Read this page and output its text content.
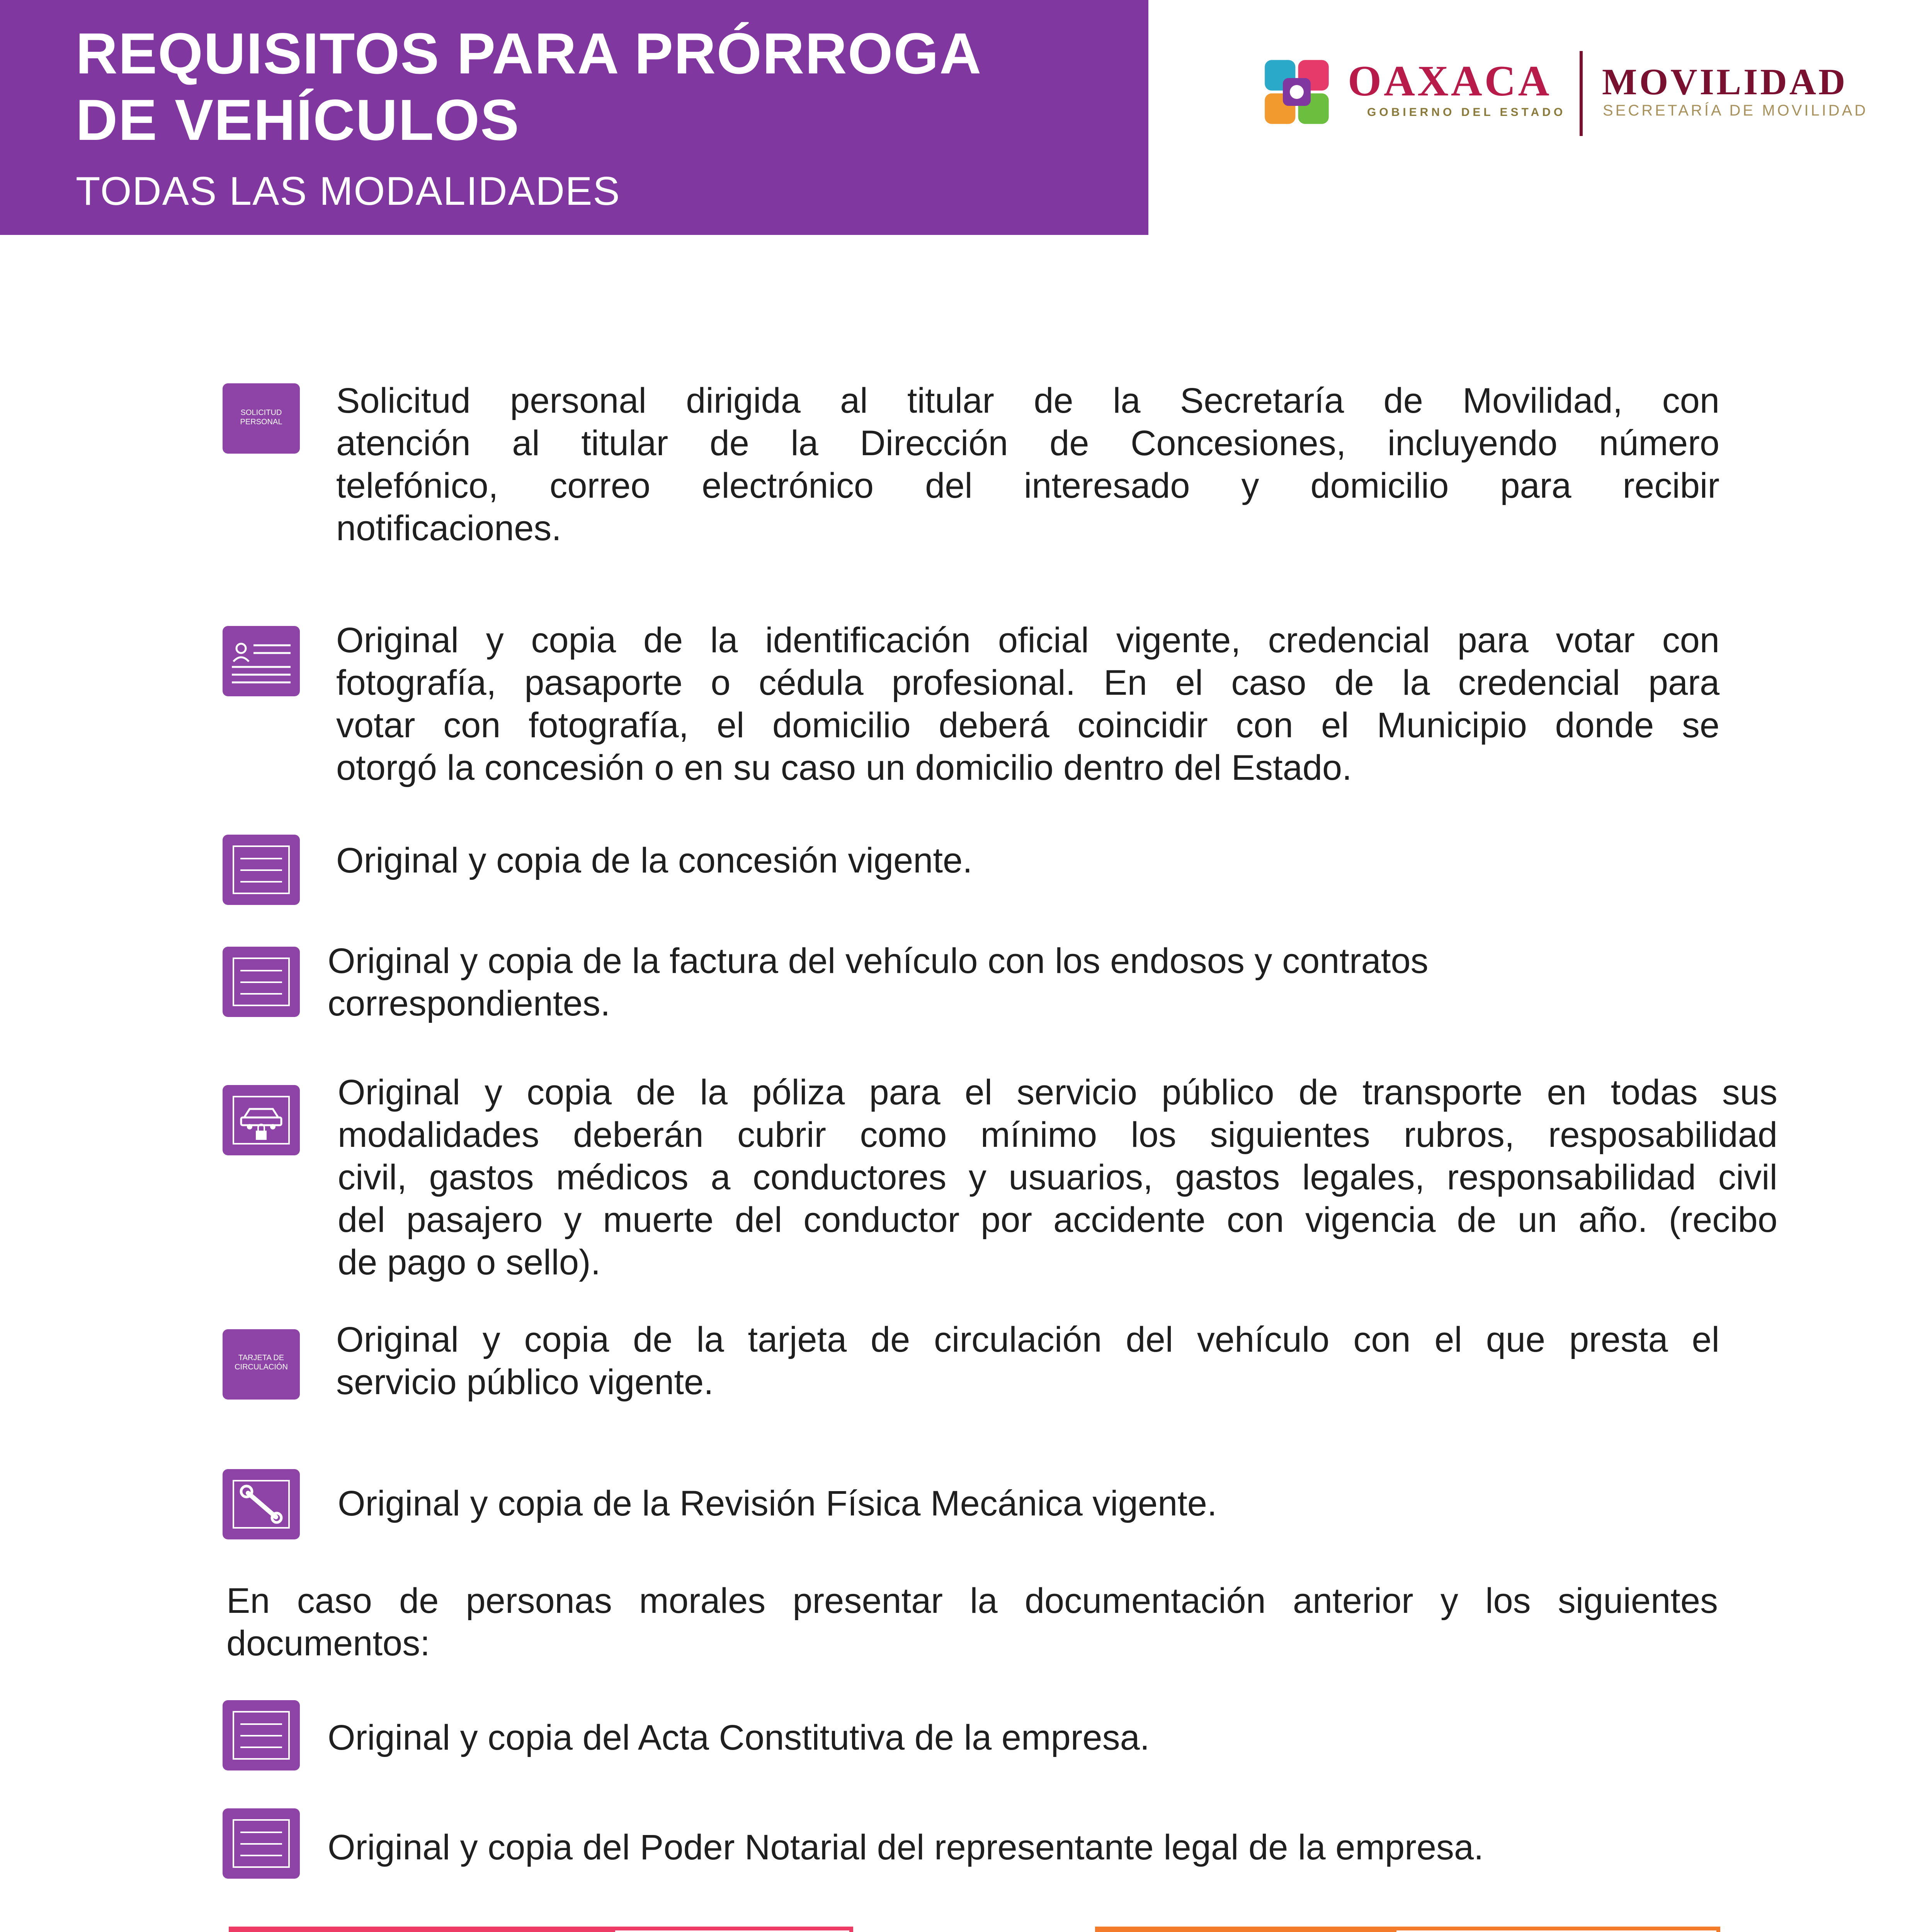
REQUISITOS PARA PRÓRROGA
DE VEHÍCULOS
TODAS LAS MODALIDADES
OAXACA
GOBIERNO DEL ESTADO
MOVILIDAD
SECRETARÍA DE MOVILIDAD
SOLICITUD
PERSONAL
Solicitud personal dirigida al titular de la Secretaría de Movilidad, con
atención al titular de la Dirección de Concesiones, incluyendo número
telefónico, correo electrónico del interesado y domicilio para recibir
notificaciones.
Original y copia de la identificación oficial vigente, credencial para votar con
fotografía, pasaporte o cédula profesional. En el caso de la credencial para
votar con fotografía, el domicilio deberá coincidir con el Municipio donde se
otorgó la concesión o en su caso un domicilio dentro del Estado.
Original y copia de la concesión vigente.
Original y copia de la factura del vehículo con los endosos y contratos
correspondientes.
Original y copia de la póliza para el servicio público de transporte en todas sus
modalidades deberán cubrir como mínimo los siguientes rubros, resposabilidad
civil, gastos médicos a conductores y usuarios, gastos legales, responsabilidad civil
del pasajero y muerte del conductor por accidente con vigencia de un año. (recibo
de pago o sello).
TARJETA DE
CIRCULACIÓN
Original y copia de la tarjeta de circulación del vehículo con el que presta el
servicio público vigente.
Original y copia de la Revisión Física Mecánica vigente.
En caso de personas morales presentar la documentación anterior y los siguientes
documentos:
Original y copia del Acta Constitutiva de la empresa.
Original y copia del Poder Notarial del representante legal de la empresa.
